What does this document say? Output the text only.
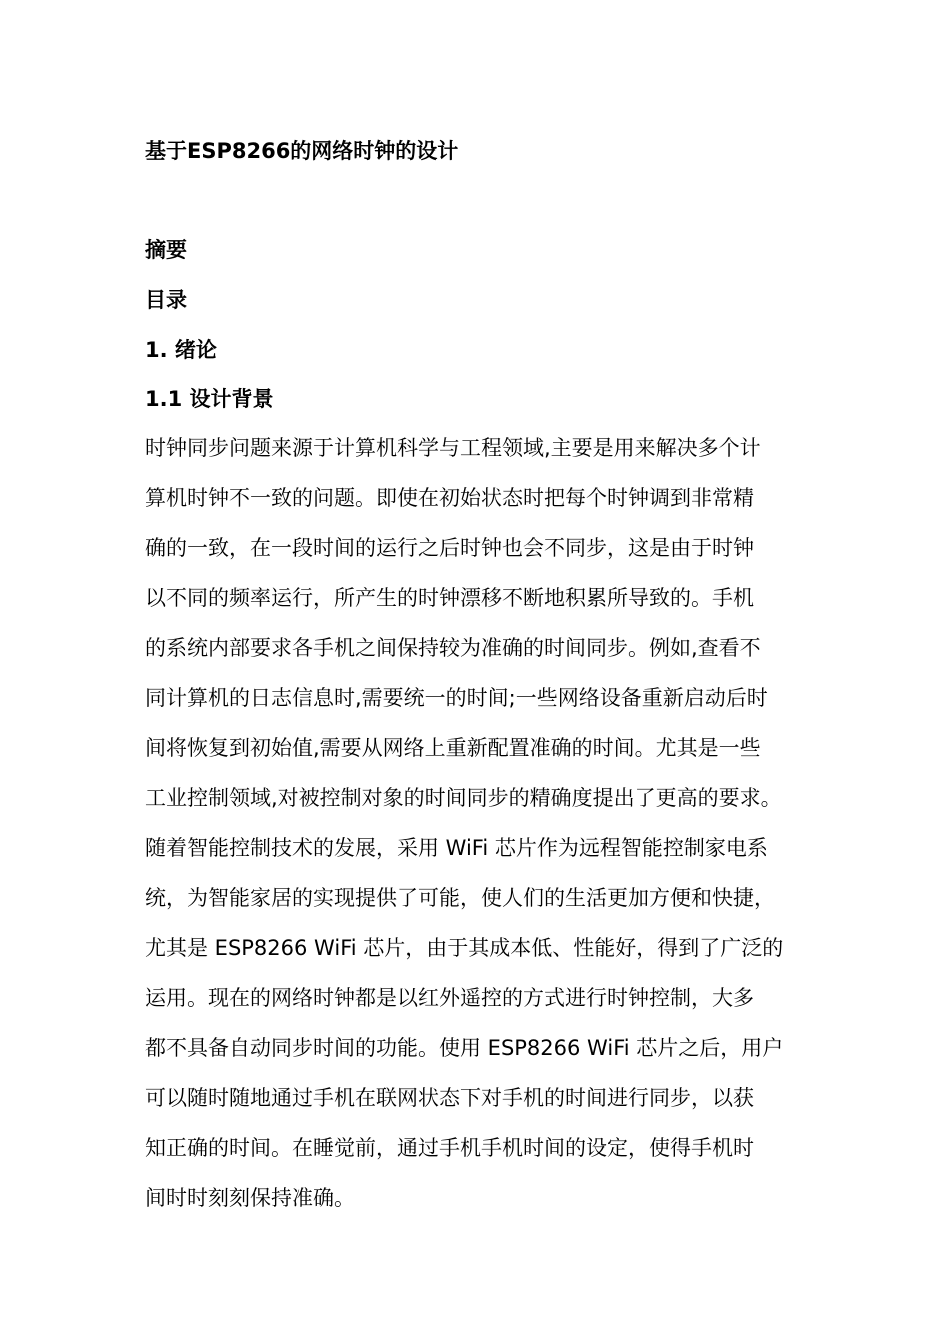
基于ESP8266的网络时钟的设计
摘要
目录
1. 绪论
1.1 设计背景
时钟同步问题来源于计算机科学与工程领域,主要是用来解决多个计
算机时钟不一致的问题。即使在初始状态时把每个时钟调到非常精
确的一致，在一段时间的运行之后时钟也会不同步，这是由于时钟
以不同的频率运行，所产生的时钟漂移不断地积累所导致的。手机
的系统内部要求各手机之间保持较为准确的时间同步。例如,查看不
同计算机的日志信息时,需要统一的时间;一些网络设备重新启动后时
间将恢复到初始值,需要从网络上重新配置准确的时间。尤其是一些
工业控制领域,对被控制对象的时间同步的精确度提出了更高的要求。
随着智能控制技术的发展，采用 WiFi 芯片作为远程智能控制家电系
统，为智能家居的实现提供了可能，使人们的生活更加方便和快捷，
尤其是 ESP8266 WiFi 芯片，由于其成本低、性能好，得到了广泛的
运用。现在的网络时钟都是以红外遥控的方式进行时钟控制，大多
都不具备自动同步时间的功能。使用 ESP8266 WiFi 芯片之后，用户
可以随时随地通过手机在联网状态下对手机的时间进行同步，以获
知正确的时间。在睡觉前，通过手机手机时间的设定，使得手机时
间时时刻刻保持准确。
